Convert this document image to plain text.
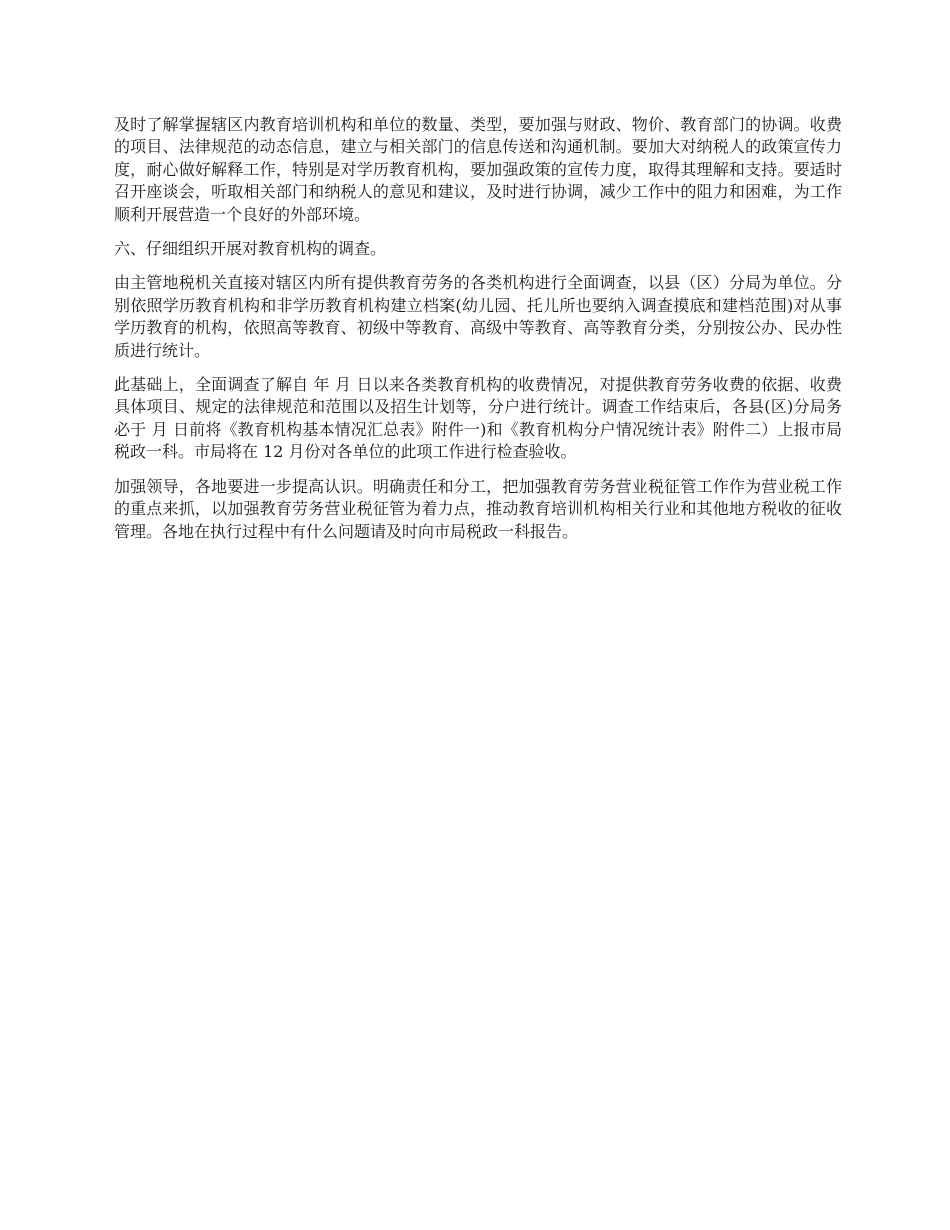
及时了解掌握辖区内教育培训机构和单位的数量、类型，要加强与财政、物价、教育部门的协调。收费的项目、法律规范的动态信息，建立与相关部门的信息传送和沟通机制。要加大对纳税人的政策宣传力度，耐心做好解释工作，特别是对学历教育机构，要加强政策的宣传力度，取得其理解和支持。要适时召开座谈会，听取相关部门和纳税人的意见和建议，及时进行协调，减少工作中的阻力和困难，为工作顺利开展营造一个良好的外部环境。

六、仔细组织开展对教育机构的调查。

由主管地税机关直接对辖区内所有提供教育劳务的各类机构进行全面调查，以县（区）分局为单位。分别依照学历教育机构和非学历教育机构建立档案(幼儿园、托儿所也要纳入调查摸底和建档范围)对从事学历教育的机构，依照高等教育、初级中等教育、高级中等教育、高等教育分类，分别按公办、民办性质进行统计。

此基础上，全面调查了解自 年 月 日以来各类教育机构的收费情况，对提供教育劳务收费的依据、收费具体项目、规定的法律规范和范围以及招生计划等，分户进行统计。调查工作结束后，各县(区)分局务必于 月 日前将《教育机构基本情况汇总表》附件一)和《教育机构分户情况统计表》附件二）上报市局税政一科。市局将在 12 月份对各单位的此项工作进行检查验收。

加强领导，各地要进一步提高认识。明确责任和分工，把加强教育劳务营业税征管工作作为营业税工作的重点来抓，以加强教育劳务营业税征管为着力点，推动教育培训机构相关行业和其他地方税收的征收管理。各地在执行过程中有什么问题请及时向市局税政一科报告。
